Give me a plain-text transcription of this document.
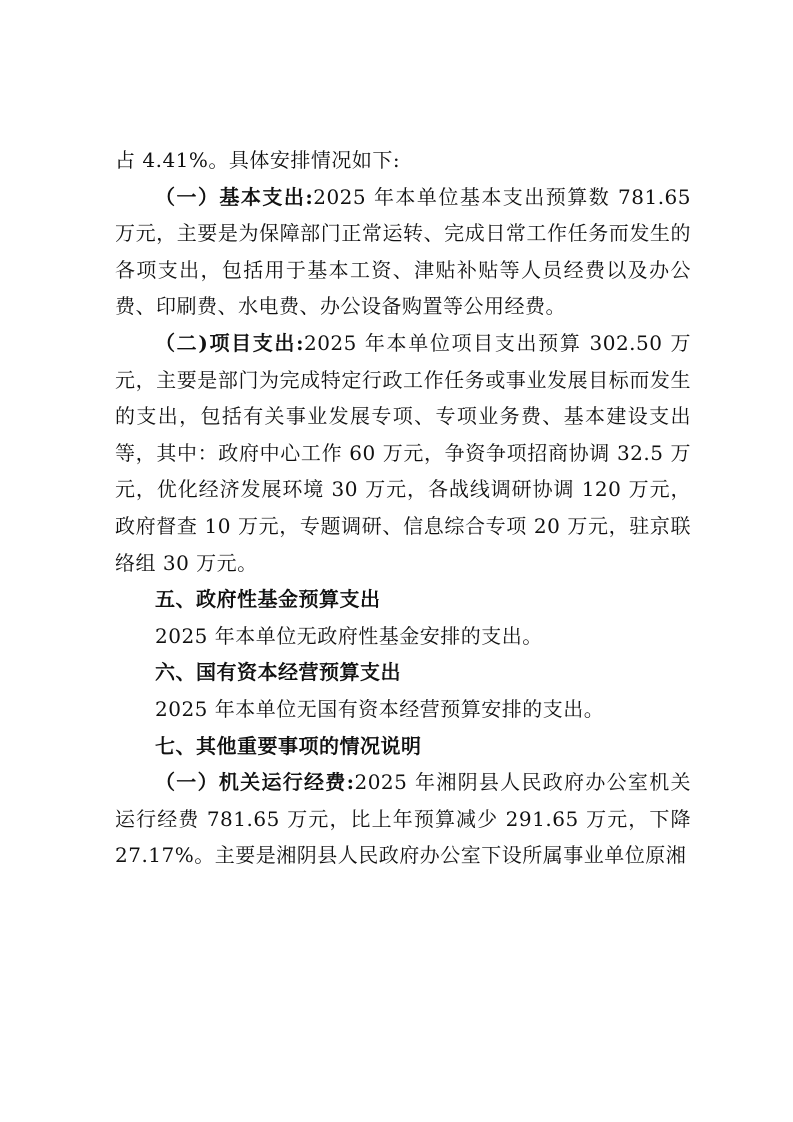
占 4.41%。具体安排情况如下:

（一）基本支出:2025 年本单位基本支出预算数 781.65 万元，主要是为保障部门正常运转、完成日常工作任务而发生的各项支出，包括用于基本工资、津贴补贴等人员经费以及办公费、印刷费、水电费、办公设备购置等公用经费。

（二)项目支出:2025 年本单位项目支出预算 302.50 万元，主要是部门为完成特定行政工作任务或事业发展目标而发生的支出，包括有关事业发展专项、专项业务费、基本建设支出等，其中：政府中心工作 60 万元，争资争项招商协调 32.5 万元，优化经济发展环境 30 万元，各战线调研协调 120 万元，政府督查 10 万元，专题调研、信息综合专项 20 万元，驻京联络组 30 万元。

五、政府性基金预算支出

2025 年本单位无政府性基金安排的支出。

六、国有资本经营预算支出

2025 年本单位无国有资本经营预算安排的支出。

七、其他重要事项的情况说明

（一）机关运行经费:2025 年湘阴县人民政府办公室机关运行经费 781.65 万元，比上年预算减少 291.65 万元，下降 27.17%。主要是湘阴县人民政府办公室下设所属事业单位原湘
